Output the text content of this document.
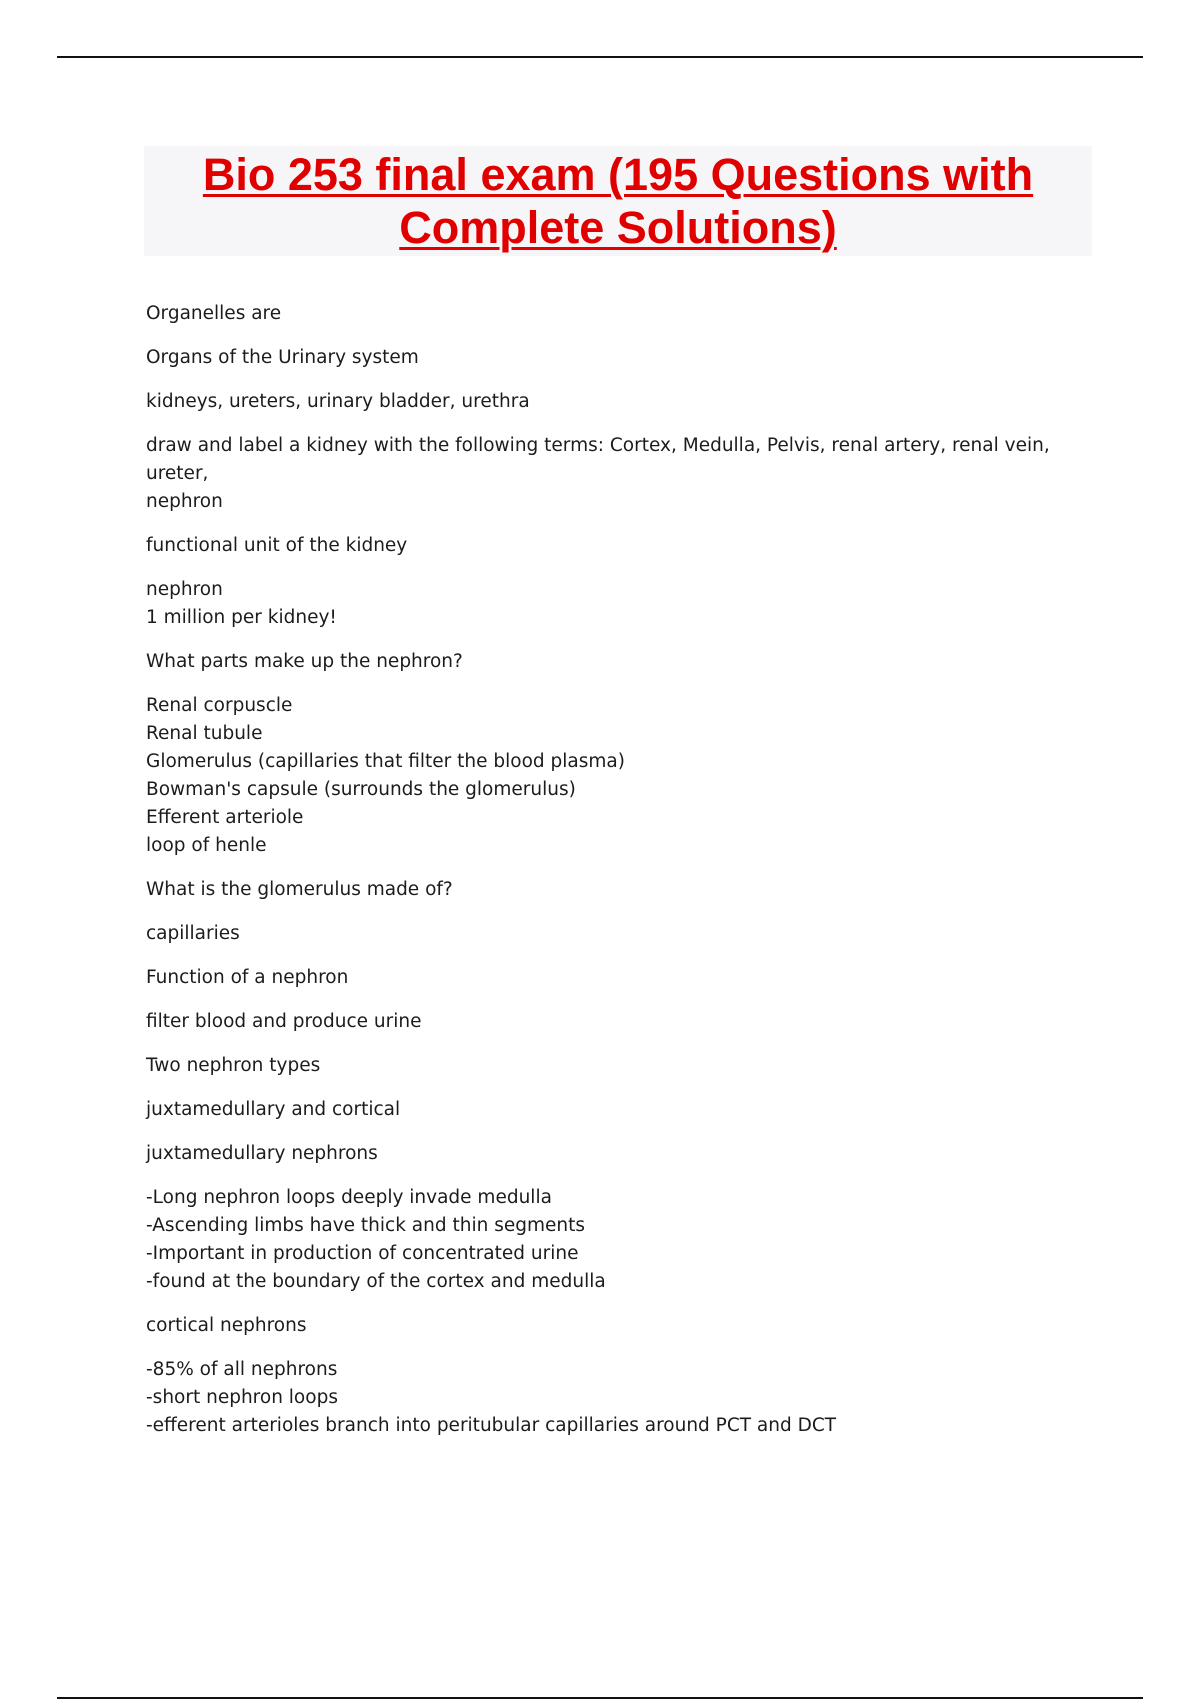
Bio 253 final exam (195 Questions with
Complete Solutions)
Organelles are
Organs of the Urinary system
kidneys, ureters, urinary bladder, urethra
draw and label a kidney with the following terms: Cortex, Medulla, Pelvis, renal artery, renal vein, ureter,
nephron
functional unit of the kidney
nephron
1 million per kidney!
What parts make up the nephron?
Renal corpuscle
Renal tubule
Glomerulus (capillaries that filter the blood plasma)
Bowman's capsule (surrounds the glomerulus)
Efferent arteriole
loop of henle
What is the glomerulus made of?
capillaries
Function of a nephron
filter blood and produce urine
Two nephron types
juxtamedullary and cortical
juxtamedullary nephrons
-Long nephron loops deeply invade medulla
-Ascending limbs have thick and thin segments
-Important in production of concentrated urine
-found at the boundary of the cortex and medulla
cortical nephrons
-85% of all nephrons
-short nephron loops
-efferent arterioles branch into peritubular capillaries around PCT and DCT
